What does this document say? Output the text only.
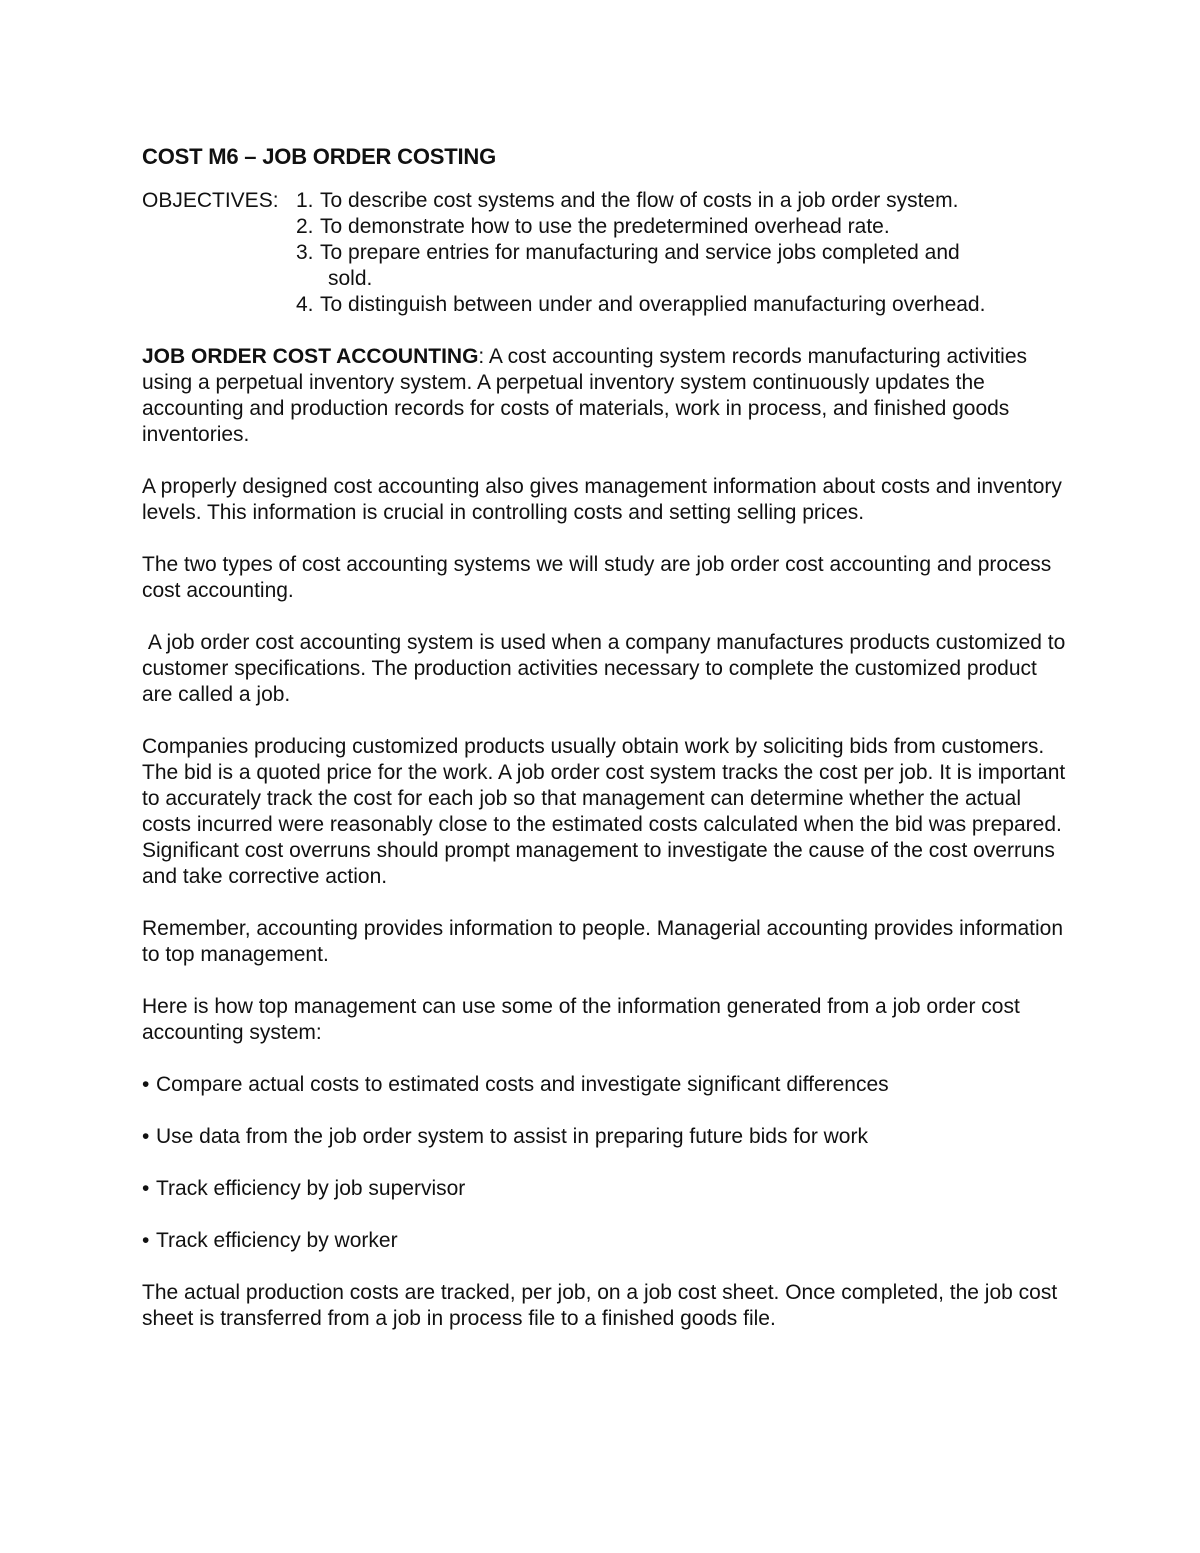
COST M6 – JOB ORDER COSTING
OBJECTIVES: 1. To describe cost systems and the flow of costs in a job order system.
2. To demonstrate how to use the predetermined overhead rate.
3. To prepare entries for manufacturing and service jobs completed and
sold.
4. To distinguish between under and overapplied manufacturing overhead.

JOB ORDER COST ACCOUNTING: A cost accounting system records manufacturing activities using a perpetual inventory system. A perpetual inventory system continuously updates the accounting and production records for costs of materials, work in process, and finished goods inventories.

A properly designed cost accounting also gives management information about costs and inventory levels. This information is crucial in controlling costs and setting selling prices.

The two types of cost accounting systems we will study are job order cost accounting and process cost accounting.

A job order cost accounting system is used when a company manufactures products customized to customer specifications. The production activities necessary to complete the customized product are called a job.

Companies producing customized products usually obtain work by soliciting bids from customers. The bid is a quoted price for the work. A job order cost system tracks the cost per job. It is important to accurately track the cost for each job so that management can determine whether the actual costs incurred were reasonably close to the estimated costs calculated when the bid was prepared. Significant cost overruns should prompt management to investigate the cause of the cost overruns and take corrective action.

Remember, accounting provides information to people. Managerial accounting provides information to top management.

Here is how top management can use some of the information generated from a job order cost accounting system:

• Compare actual costs to estimated costs and investigate significant differences
• Use data from the job order system to assist in preparing future bids for work
• Track efficiency by job supervisor
• Track efficiency by worker

The actual production costs are tracked, per job, on a job cost sheet. Once completed, the job cost sheet is transferred from a job in process file to a finished goods file.
